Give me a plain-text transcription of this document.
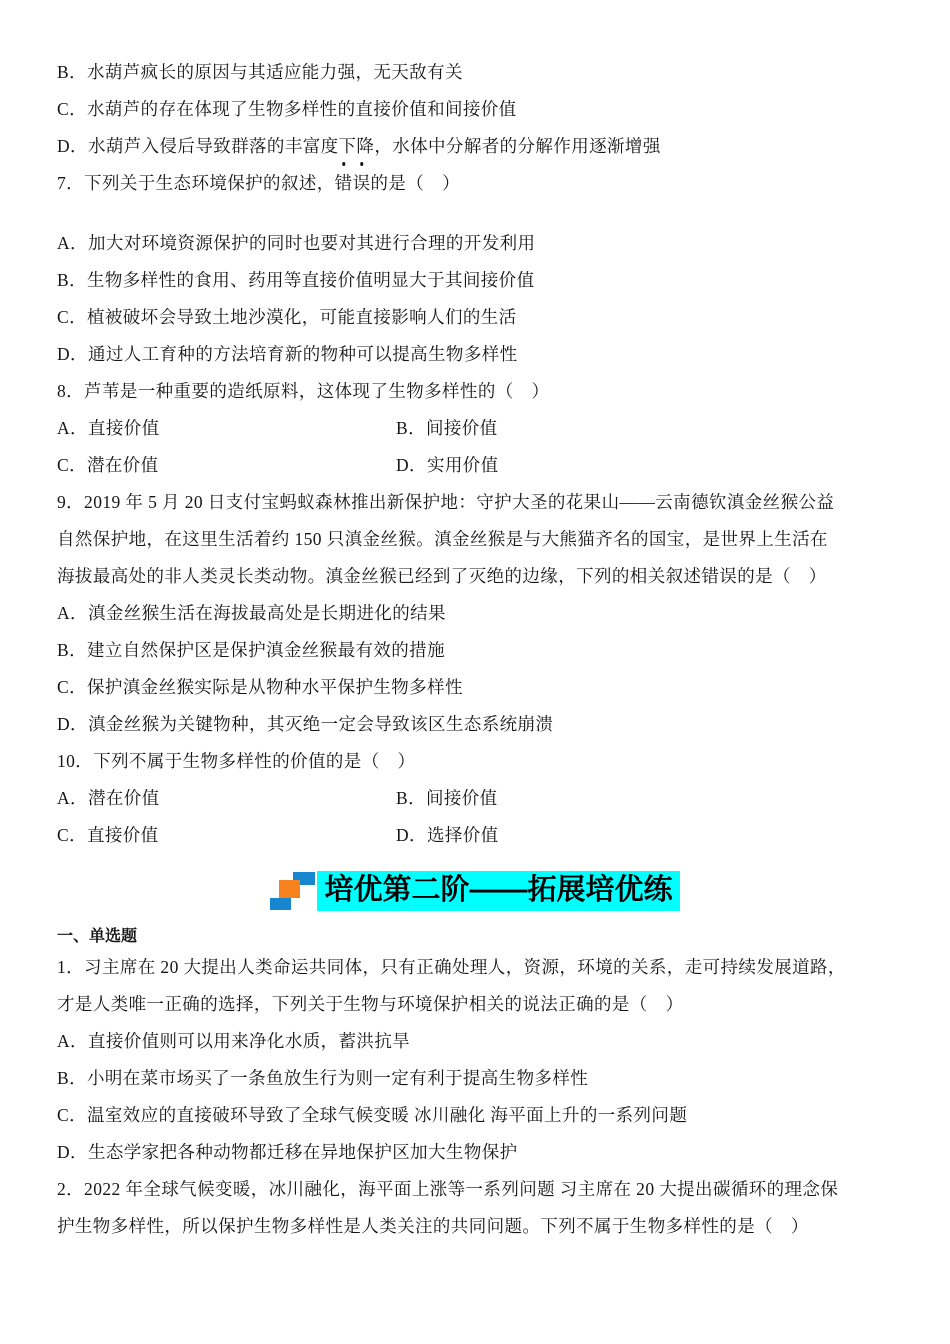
B．水葫芦疯长的原因与其适应能力强，无天敌有关
C．水葫芦的存在体现了生物多样性的直接价值和间接价值
D．水葫芦入侵后导致群落的丰富度下降，水体中分解者的分解作用逐渐增强
7．下列关于生态环境保护的叙述，错误的是（　）
A．加大对环境资源保护的同时也要对其进行合理的开发利用
B．生物多样性的食用、药用等直接价值明显大于其间接价值
C．植被破坏会导致土地沙漠化，可能直接影响人们的生活
D．通过人工育种的方法培育新的物种可以提高生物多样性
8．芦苇是一种重要的造纸原料，这体现了生物多样性的（　）
A．直接价值	B．间接价值
C．潜在价值	D．实用价值
9．2019 年 5 月 20 日支付宝蚂蚁森林推出新保护地：守护大圣的花果山——云南德钦滇金丝猴公益
自然保护地，在这里生活着约 150 只滇金丝猴。滇金丝猴是与大熊猫齐名的国宝，是世界上生活在
海拔最高处的非人类灵长类动物。滇金丝猴已经到了灭绝的边缘，下列的相关叙述错误的是（　）
A．滇金丝猴生活在海拔最高处是长期进化的结果
B．建立自然保护区是保护滇金丝猴最有效的措施
C．保护滇金丝猴实际是从物种水平保护生物多样性
D．滇金丝猴为关键物种，其灭绝一定会导致该区生态系统崩溃
10．下列不属于生物多样性的价值的是（　）
A．潜在价值	B．间接价值
C．直接价值	D．选择价值
培优第二阶——拓展培优练
一、单选题
1．习主席在 20 大提出人类命运共同体，只有正确处理人，资源，环境的关系，走可持续发展道路，
才是人类唯一正确的选择，下列关于生物与环境保护相关的说法正确的是（　）
A．直接价值则可以用来净化水质，蓄洪抗旱
B．小明在菜市场买了一条鱼放生行为则一定有利于提高生物多样性
C．温室效应的直接破环导致了全球气候变暖 冰川融化 海平面上升的一系列问题
D．生态学家把各种动物都迁移在异地保护区加大生物保护
2．2022 年全球气候变暖，冰川融化，海平面上涨等一系列问题 习主席在 20 大提出碳循环的理念保
护生物多样性，所以保护生物多样性是人类关注的共同问题。下列不属于生物多样性的是（　）
